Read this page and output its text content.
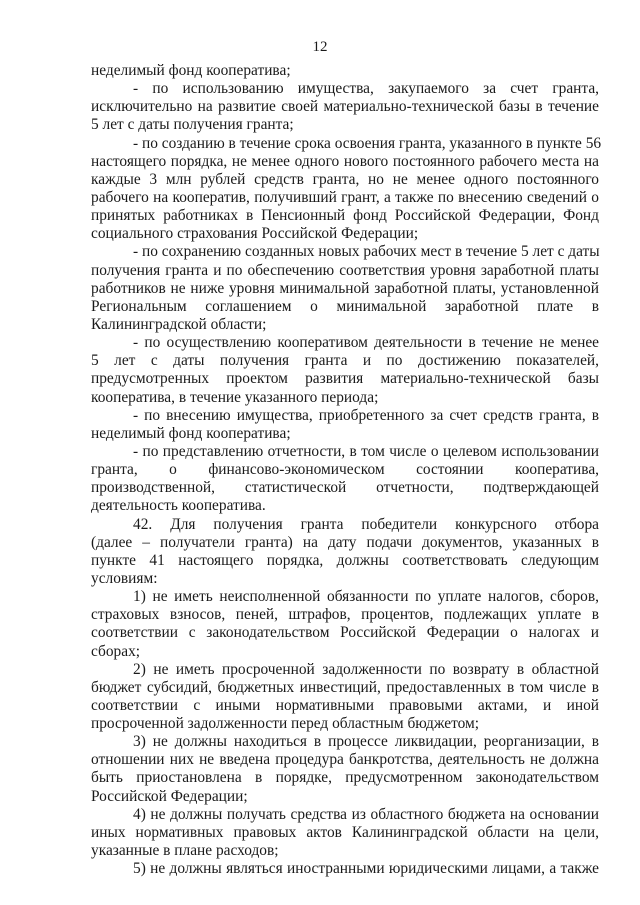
12
неделимый фонд кооператива;
- по использованию имущества, закупаемого за счет гранта,
исключительно на развитие своей материально-технической базы в течение
5 лет с даты получения гранта;
- по созданию в течение срока освоения гранта, указанного в пункте 56
настоящего порядка, не менее одного нового постоянного рабочего места на
каждые 3 млн рублей средств гранта, но не менее одного постоянного
рабочего на кооператив, получивший грант, а также по внесению сведений о
принятых работниках в Пенсионный фонд Российской Федерации, Фонд
социального страхования Российской Федерации;
- по сохранению созданных новых рабочих мест в течение 5 лет с даты
получения гранта и по обеспечению соответствия уровня заработной платы
работников не ниже уровня минимальной заработной платы, установленной
Региональным соглашением о минимальной заработной плате в
Калининградской области;
- по осуществлению кооперативом деятельности в течение не менее
5 лет с даты получения гранта и по достижению показателей,
предусмотренных проектом развития материально-технической базы
кооператива, в течение указанного периода;
- по внесению имущества, приобретенного за счет средств гранта, в
неделимый фонд кооператива;
- по представлению отчетности, в том числе о целевом использовании
гранта, о финансово-экономическом состоянии кооператива,
производственной, статистической отчетности, подтверждающей
деятельность кооператива.
42. Для получения гранта победители конкурсного отбора
(далее – получатели гранта) на дату подачи документов, указанных в
пункте 41 настоящего порядка, должны соответствовать следующим
условиям:
1) не иметь неисполненной обязанности по уплате налогов, сборов,
страховых взносов, пеней, штрафов, процентов, подлежащих уплате в
соответствии с законодательством Российской Федерации о налогах и
сборах;
2) не иметь просроченной задолженности по возврату в областной
бюджет субсидий, бюджетных инвестиций, предоставленных в том числе в
соответствии с иными нормативными правовыми актами, и иной
просроченной задолженности перед областным бюджетом;
3) не должны находиться в процессе ликвидации, реорганизации, в
отношении них не введена процедура банкротства, деятельность не должна
быть приостановлена в порядке, предусмотренном законодательством
Российской Федерации;
4) не должны получать средства из областного бюджета на основании
иных нормативных правовых актов Калининградской области на цели,
указанные в плане расходов;
5) не должны являться иностранными юридическими лицами, а также
